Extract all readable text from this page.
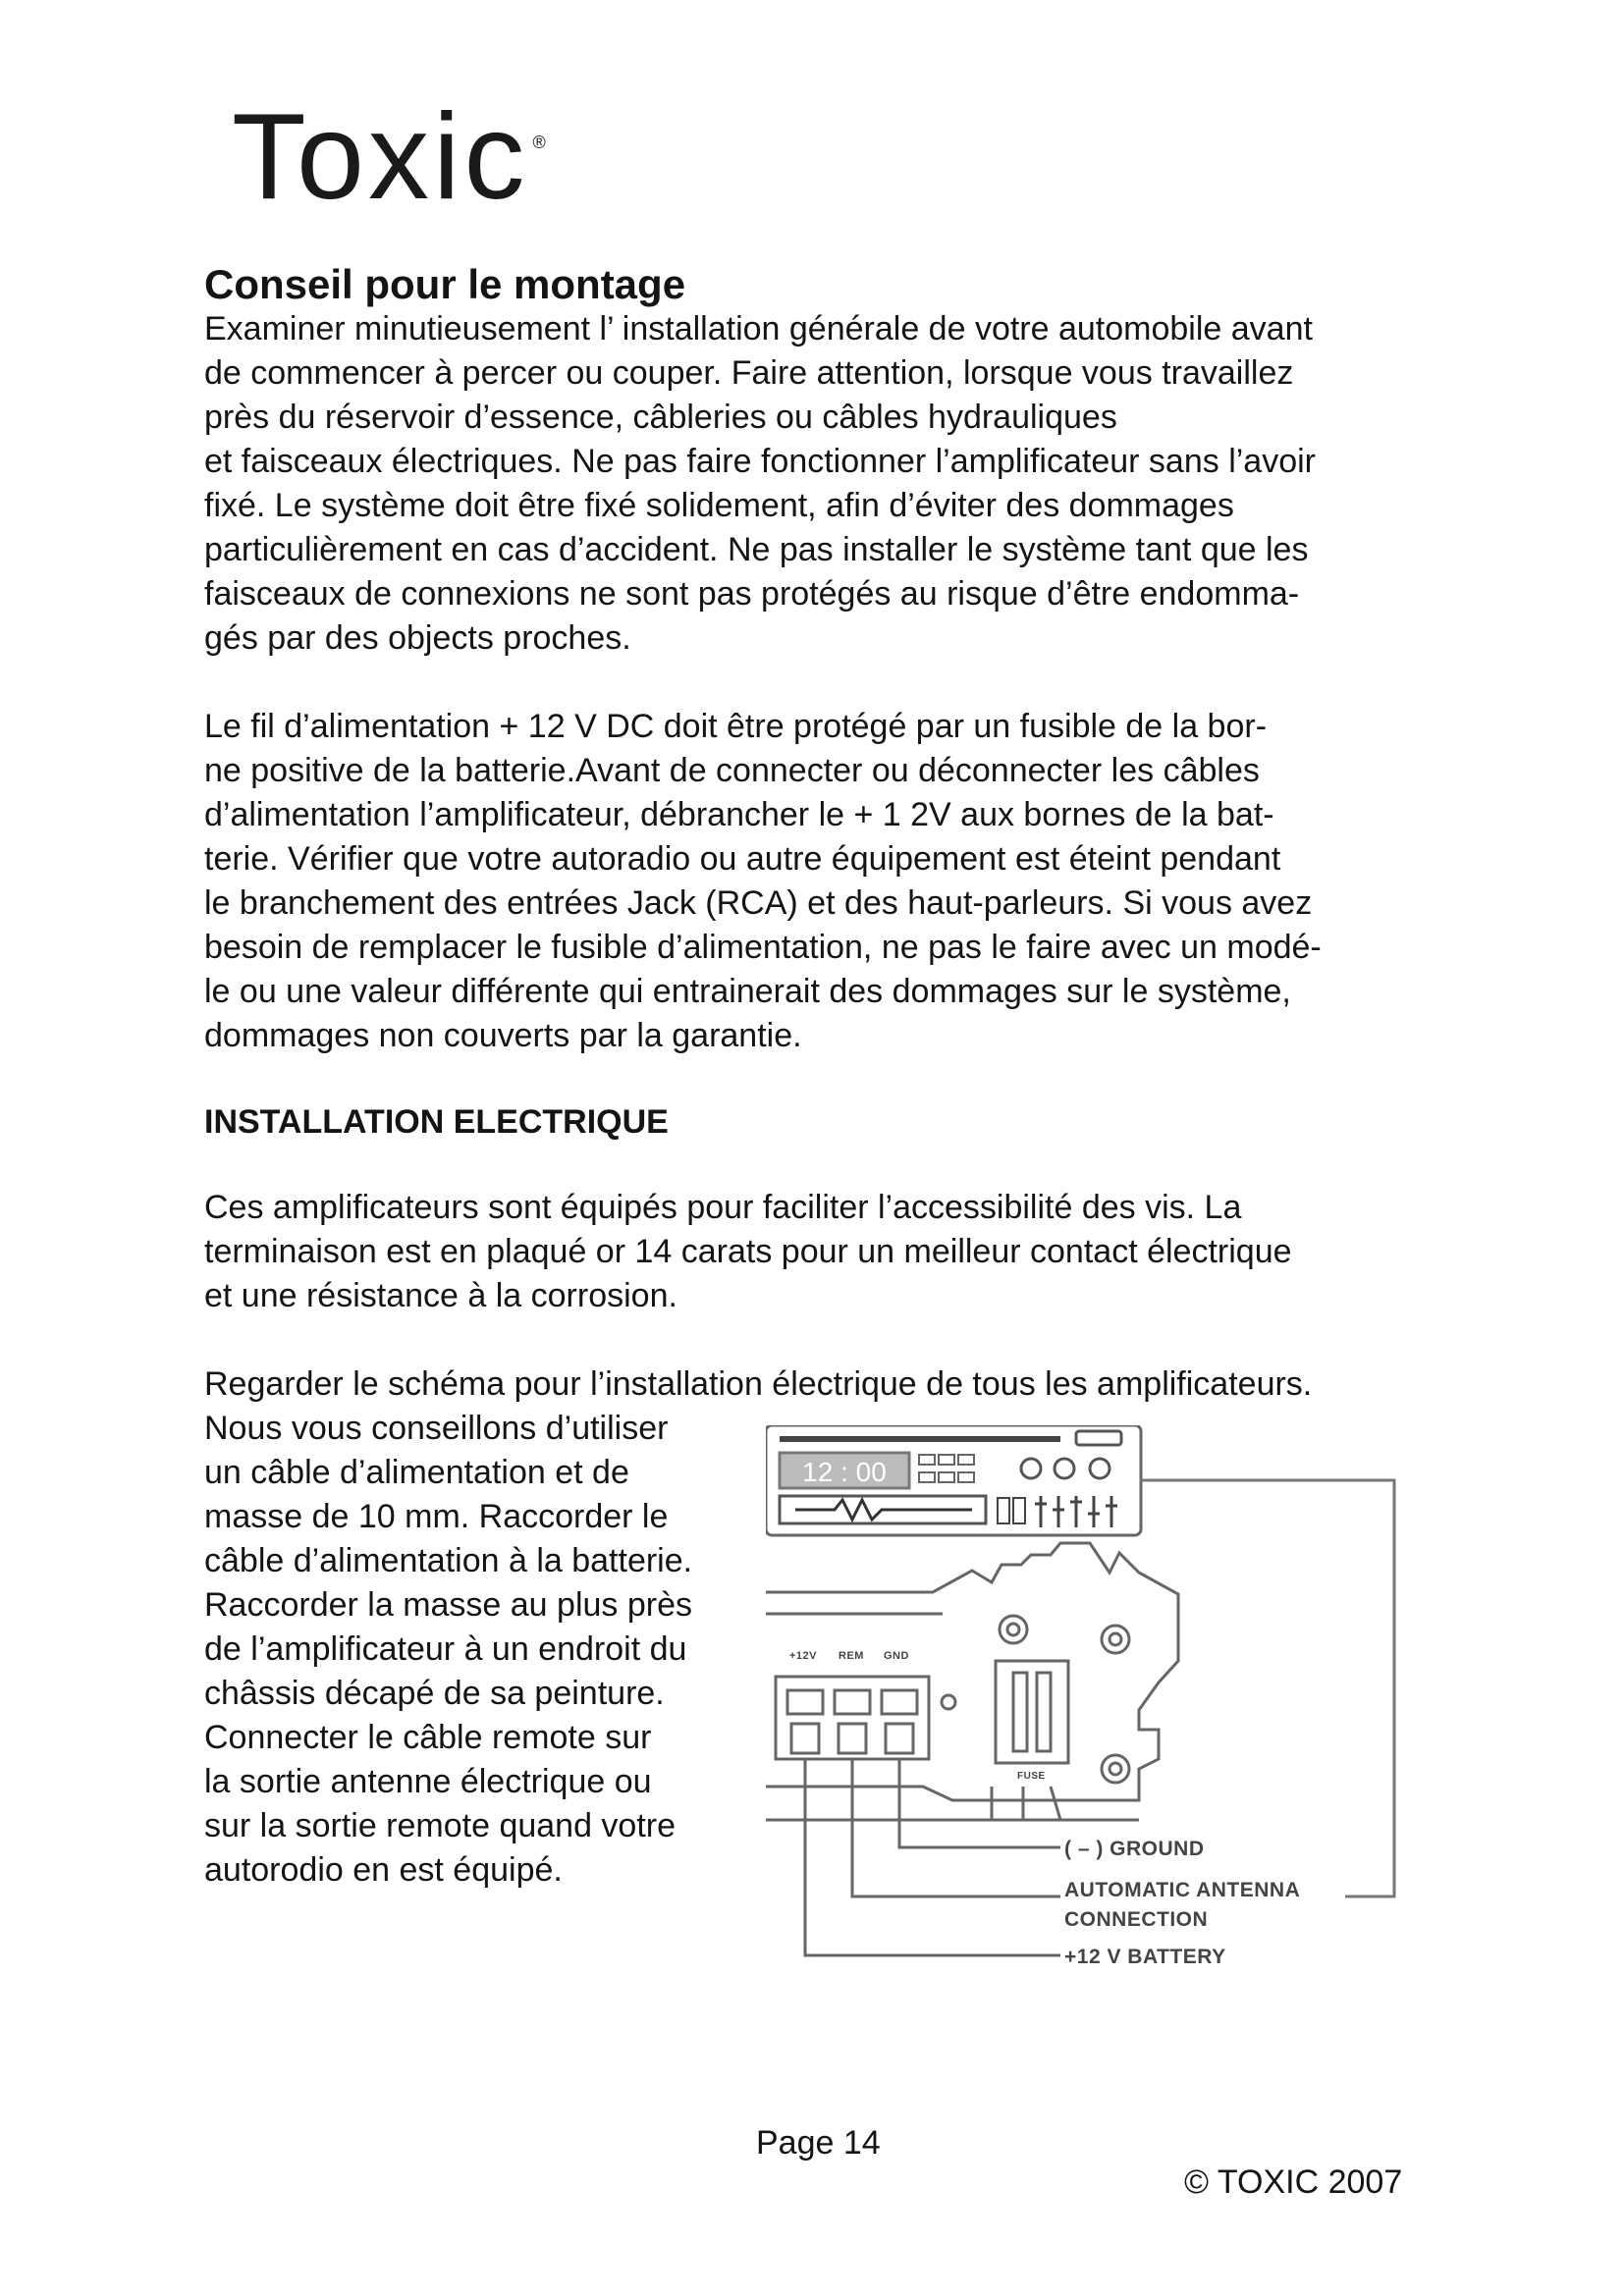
Toxic ®
Conseil pour le montage
Examiner minutieusement l’ installation générale de votre automobile avant
de commencer à percer ou couper. Faire attention, lorsque vous travaillez
près du réservoir d’essence, câbleries ou câbles hydrauliques
et faisceaux électriques. Ne pas faire fonctionner l’amplificateur sans l’avoir
fixé. Le système doit être fixé solidement, afin d’éviter des dommages
particulièrement en cas d’accident. Ne pas installer le système tant que les
faisceaux de connexions ne sont pas protégés au risque d’être endomma-
gés par des objects proches.
Le fil d’alimentation + 12 V DC doit être protégé par un fusible de la bor-
ne positive de la batterie.Avant de connecter ou déconnecter les câbles
d’alimentation l’amplificateur, débrancher le + 1 2V aux bornes de la bat-
terie. Vérifier que votre autoradio ou autre équipement est éteint pendant
le branchement des entrées Jack (RCA) et des haut-parleurs. Si vous avez
besoin de remplacer le fusible d’alimentation, ne pas le faire avec un modé-
le ou une valeur différente qui entrainerait des dommages sur le système,
dommages non couverts par la garantie.
INSTALLATION ELECTRIQUE
Ces amplificateurs sont équipés pour faciliter l’accessibilité des vis. La
terminaison est en plaqué or 14 carats pour un meilleur contact électrique
et une résistance à la corrosion.
Regarder le schéma pour l’installation électrique de tous les amplificateurs.
Nous vous conseillons d’utiliser
un câble d’alimentation et de
masse de 10 mm. Raccorder le
câble d’alimentation à la batterie.
Raccorder la masse au plus près
de l’amplificateur à un endroit du
châssis décapé de sa peinture.
Connecter le câble remote sur
la sortie antenne électrique ou
sur la sortie remote quand votre
autorodio en est équipé.
12 : 00
+12V REM GND
FUSE
( – ) GROUND
AUTOMATIC ANTENNA
CONNECTION
+12 V BATTERY
Page 14
© TOXIC 2007
